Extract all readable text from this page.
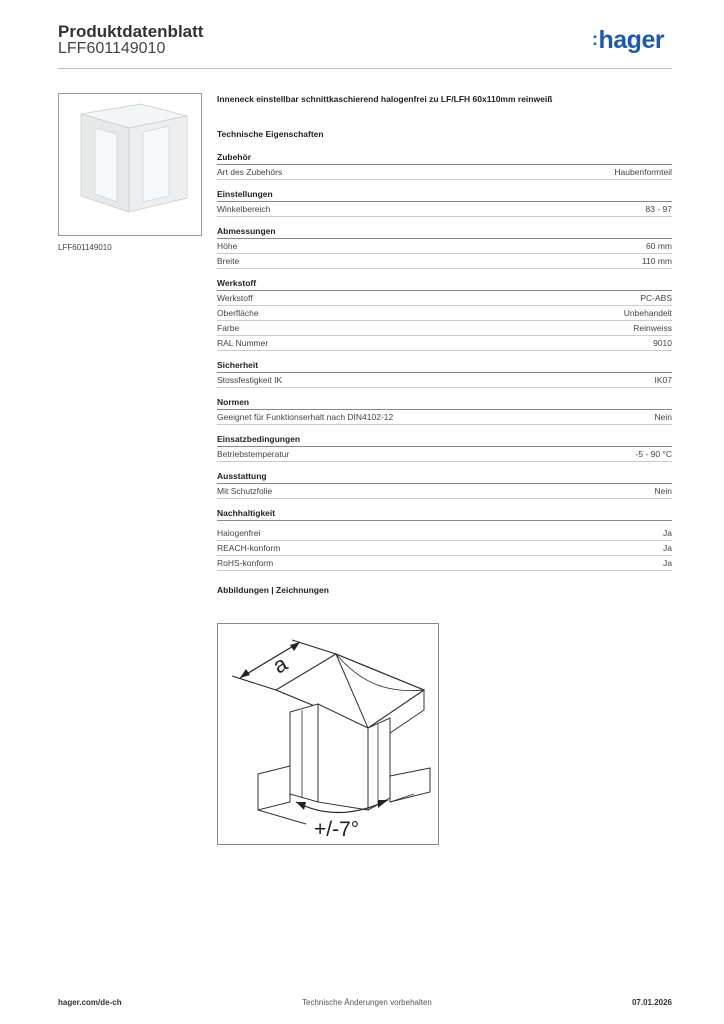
Produktdatenblatt
LFF601149010	:hager
LFF601149010
Inneneck einstellbar schnittkaschierend halogenfrei zu LF/LFH 60x110mm reinweiß
Technische Eigenschaften
Zubehör
Art des Zubehörs	Haubenformteil
Einstellungen
Winkelbereich	83 - 97
Abmessungen
Höhe	60 mm
Breite	110 mm
Werkstoff
Werkstoff	PC-ABS
Oberfläche	Unbehandelt
Farbe	Reinweiss
RAL Nummer	9010
Sicherheit
Stossfestigkeit IK	IK07
Normen
Geeignet für Funktionserhalt nach DIN4102-12	Nein
Einsatzbedingungen
Betriebstemperatur	-5 - 90 °C
Ausstattung
Mit Schutzfolie	Nein
Nachhaltigkeit
Halogenfrei	Ja
REACH-konform	Ja
RoHS-konform	Ja
Abbildungen | Zeichnungen
a
+/-7°
hager.com/de-ch	Technische Änderungen vorbehalten	07.01.2026
